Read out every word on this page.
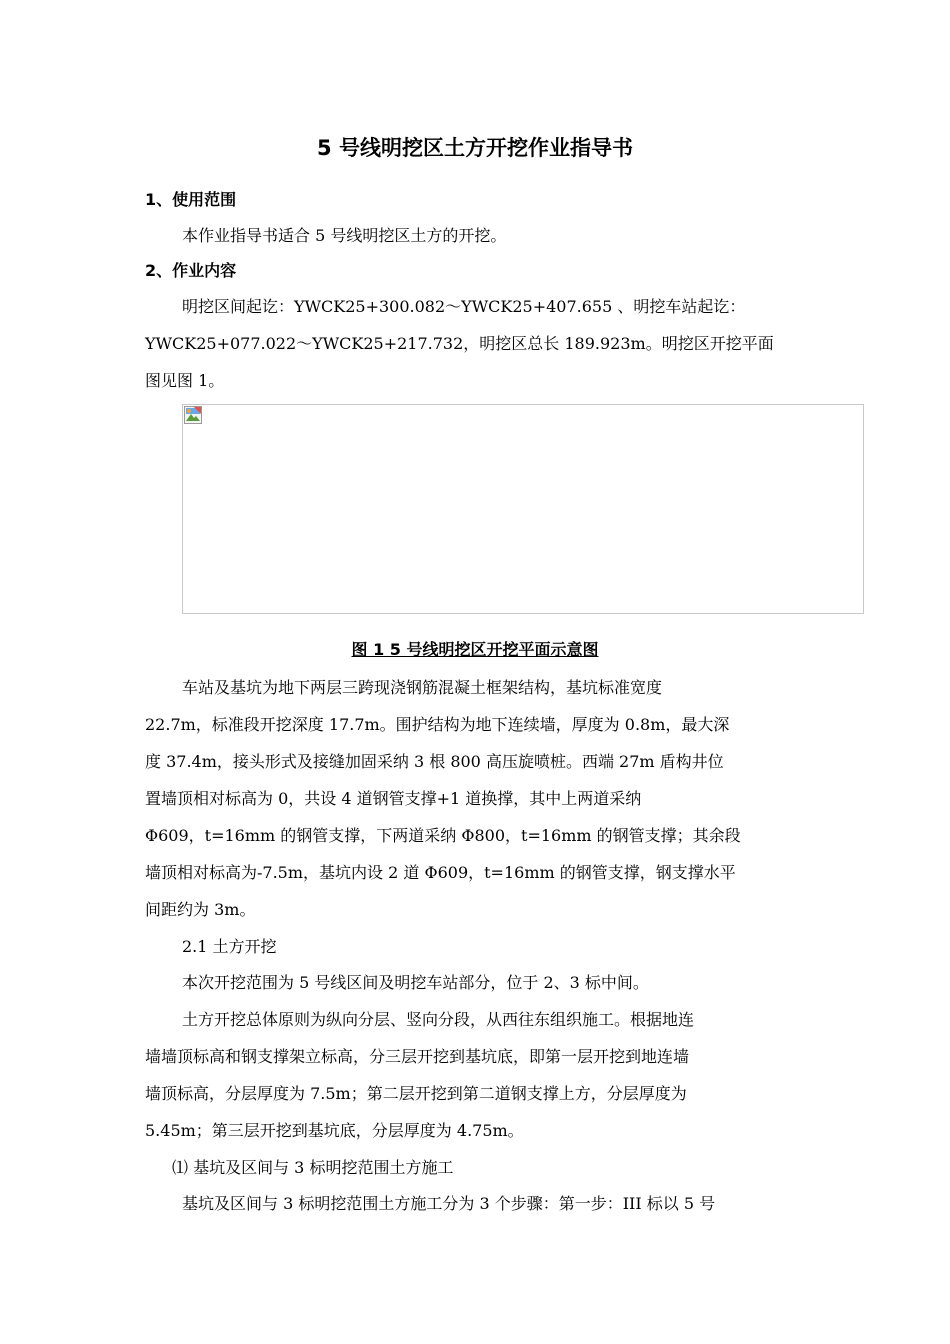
5 号线明挖区土方开挖作业指导书
1、使用范围
本作业指导书适合 5 号线明挖区土方的开挖。
2、作业内容
明挖区间起讫：YWCK25+300.082～YWCK25+407.655 、明挖车站起讫：
YWCK25+077.022～YWCK25+217.732，明挖区总长 189.923m。明挖区开挖平面
图见图 1。
图 1 5 号线明挖区开挖平面示意图
车站及基坑为地下两层三跨现浇钢筋混凝土框架结构，基坑标准宽度
22.7m，标准段开挖深度 17.7m。围护结构为地下连续墙，厚度为 0.8m，最大深
度 37.4m，接头形式及接缝加固采纳 3 根 800 高压旋喷桩。西端 27m 盾构井位
置墙顶相对标高为 0，共设 4 道钢管支撑+1 道换撑，其中上两道采纳
Φ609，t=16mm 的钢管支撑，下两道采纳 Φ800，t=16mm 的钢管支撑；其余段
墙顶相对标高为-7.5m，基坑内设 2 道 Φ609，t=16mm 的钢管支撑，钢支撑水平
间距约为 3m。
2.1 土方开挖
本次开挖范围为 5 号线区间及明挖车站部分，位于 2、3 标中间。
土方开挖总体原则为纵向分层、竖向分段，从西往东组织施工。根据地连
墙墙顶标高和钢支撑架立标高，分三层开挖到基坑底，即第一层开挖到地连墙
墙顶标高，分层厚度为 7.5m；第二层开挖到第二道钢支撑上方，分层厚度为
5.45m；第三层开挖到基坑底，分层厚度为 4.75m。
⑴ 基坑及区间与 3 标明挖范围土方施工
基坑及区间与 3 标明挖范围土方施工分为 3 个步骤：第一步：III 标以 5 号
